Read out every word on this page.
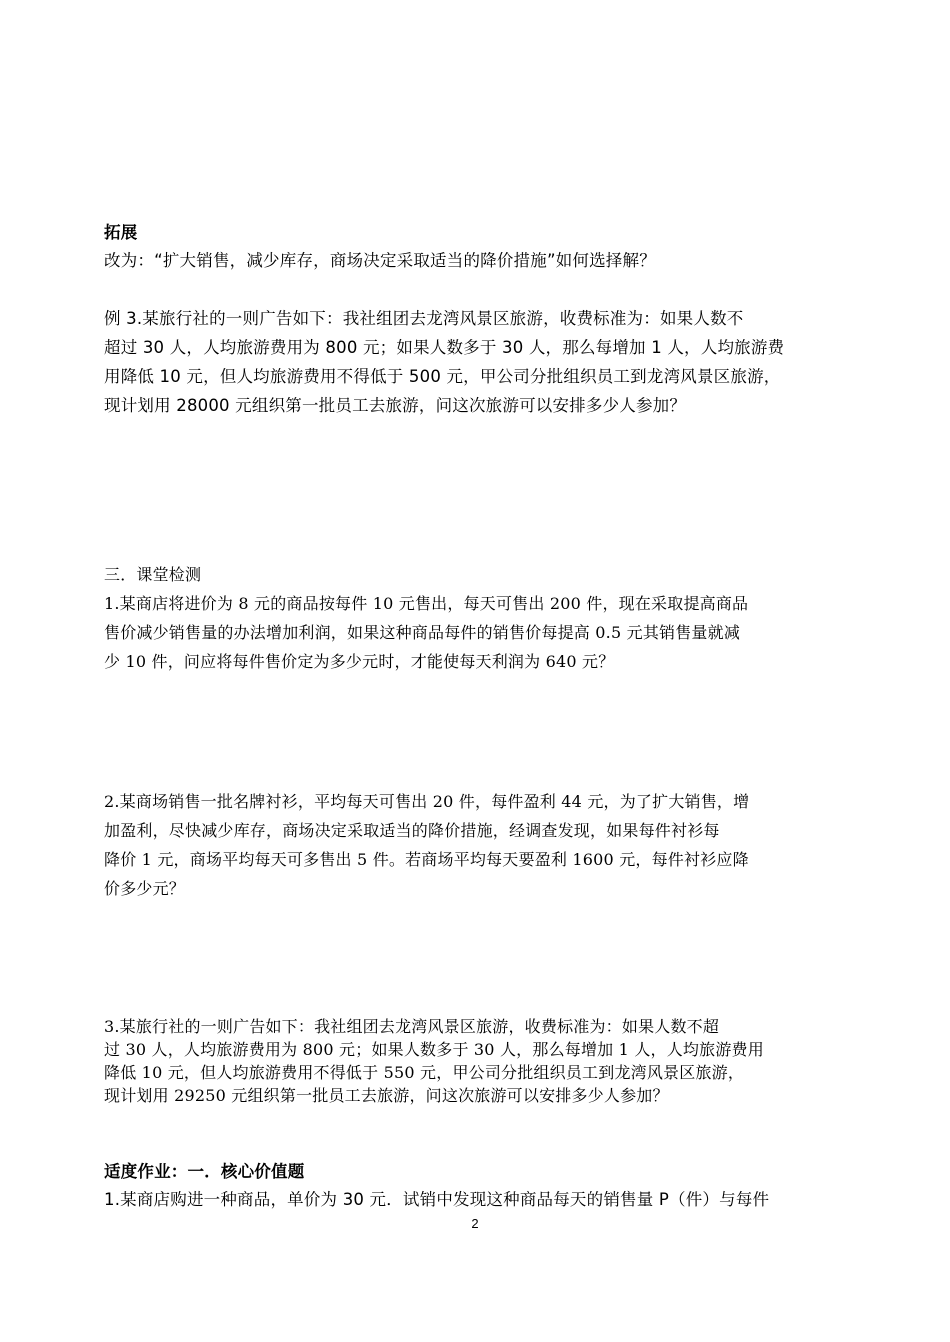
拓展
改为：“扩大销售，减少库存，商场决定采取适当的降价措施”如何选择解？
例 3.某旅行社的一则广告如下：我社组团去龙湾风景区旅游，收费标准为：如果人数不
超过 30 人，人均旅游费用为 800 元；如果人数多于 30 人，那么每增加 1 人，人均旅游费
用降低 10 元，但人均旅游费用不得低于 500 元，甲公司分批组织员工到龙湾风景区旅游，
现计划用 28000 元组织第一批员工去旅游，问这次旅游可以安排多少人参加？
三．课堂检测
1.某商店将进价为 8 元的商品按每件 10 元售出，每天可售出 200 件，现在采取提高商品
售价减少销售量的办法增加利润，如果这种商品每件的销售价每提高 0.5 元其销售量就减
少 10 件，问应将每件售价定为多少元时，才能使每天利润为 640 元？
2.某商场销售一批名牌衬衫，平均每天可售出 20 件，每件盈利 44 元，为了扩大销售，增
加盈利，尽快减少库存，商场决定采取适当的降价措施，经调查发现，如果每件衬衫每
降价 1 元，商场平均每天可多售出 5 件。若商场平均每天要盈利 1600 元，每件衬衫应降
价多少元？
3.某旅行社的一则广告如下：我社组团去龙湾风景区旅游，收费标准为：如果人数不超
过 30 人，人均旅游费用为 800 元；如果人数多于 30 人，那么每增加 1 人，人均旅游费用
降低 10 元，但人均旅游费用不得低于 550 元，甲公司分批组织员工到龙湾风景区旅游，
现计划用 29250 元组织第一批员工去旅游，问这次旅游可以安排多少人参加？
适度作业：一．核心价值题
1.某商店购进一种商品，单价为 30 元．试销中发现这种商品每天的销售量 P（件）与每件
2
